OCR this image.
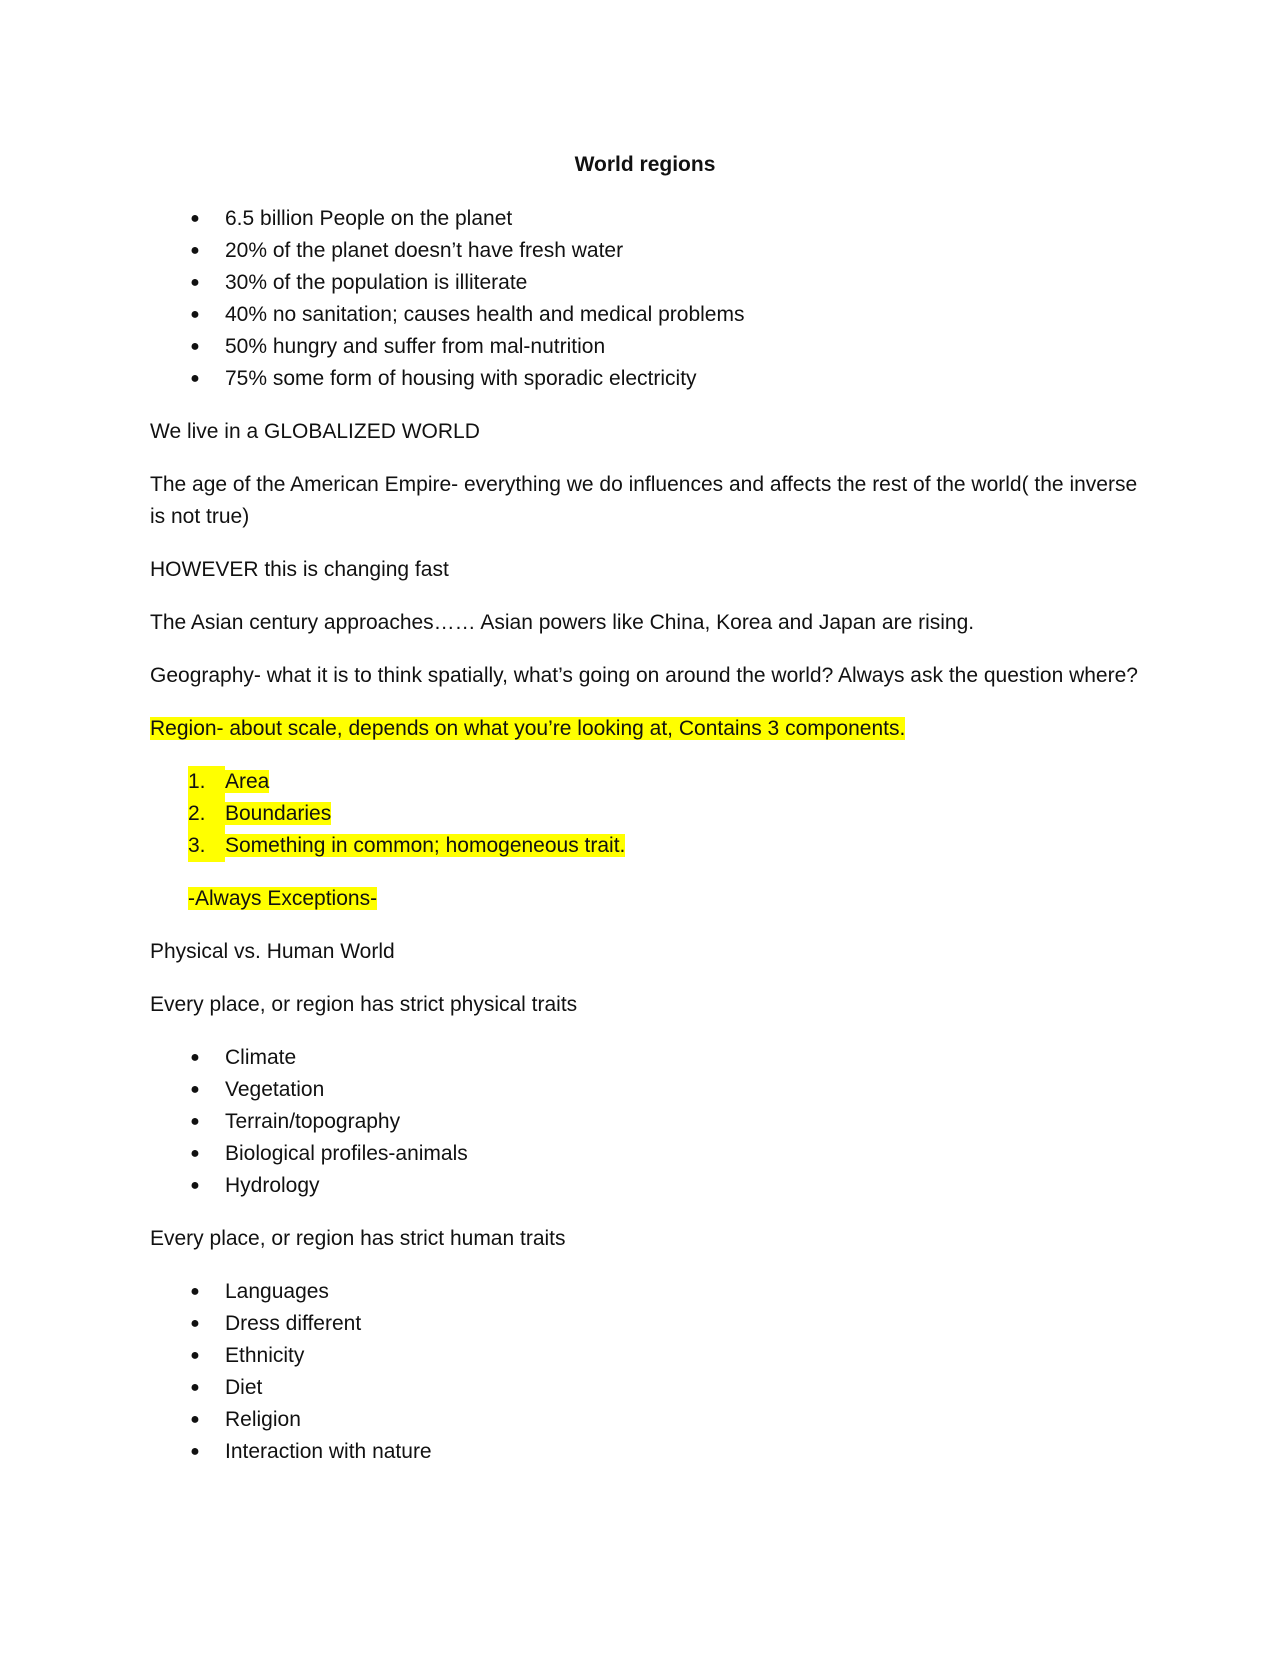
World regions
● 6.5 billion People on the planet
● 20% of the planet doesn’t have fresh water
● 30% of the population is illiterate
● 40% no sanitation; causes health and medical problems
● 50% hungry and suffer from mal-nutrition
● 75% some form of housing with sporadic electricity

We live in a GLOBALIZED WORLD

The age of the American Empire- everything we do influences and affects the rest of the world( the inverse is not true)

HOWEVER this is changing fast

The Asian century approaches…… Asian powers like China, Korea and Japan are rising.

Geography- what it is to think spatially, what’s going on around the world? Always ask the question where?

Region- about scale, depends on what you’re looking at, Contains 3 components.

1. Area
2. Boundaries
3. Something in common; homogeneous trait.

-Always Exceptions-

Physical vs. Human World

Every place, or region has strict physical traits

● Climate
● Vegetation
● Terrain/topography
● Biological profiles-animals
● Hydrology

Every place, or region has strict human traits

● Languages
● Dress different
● Ethnicity
● Diet
● Religion
● Interaction with nature
